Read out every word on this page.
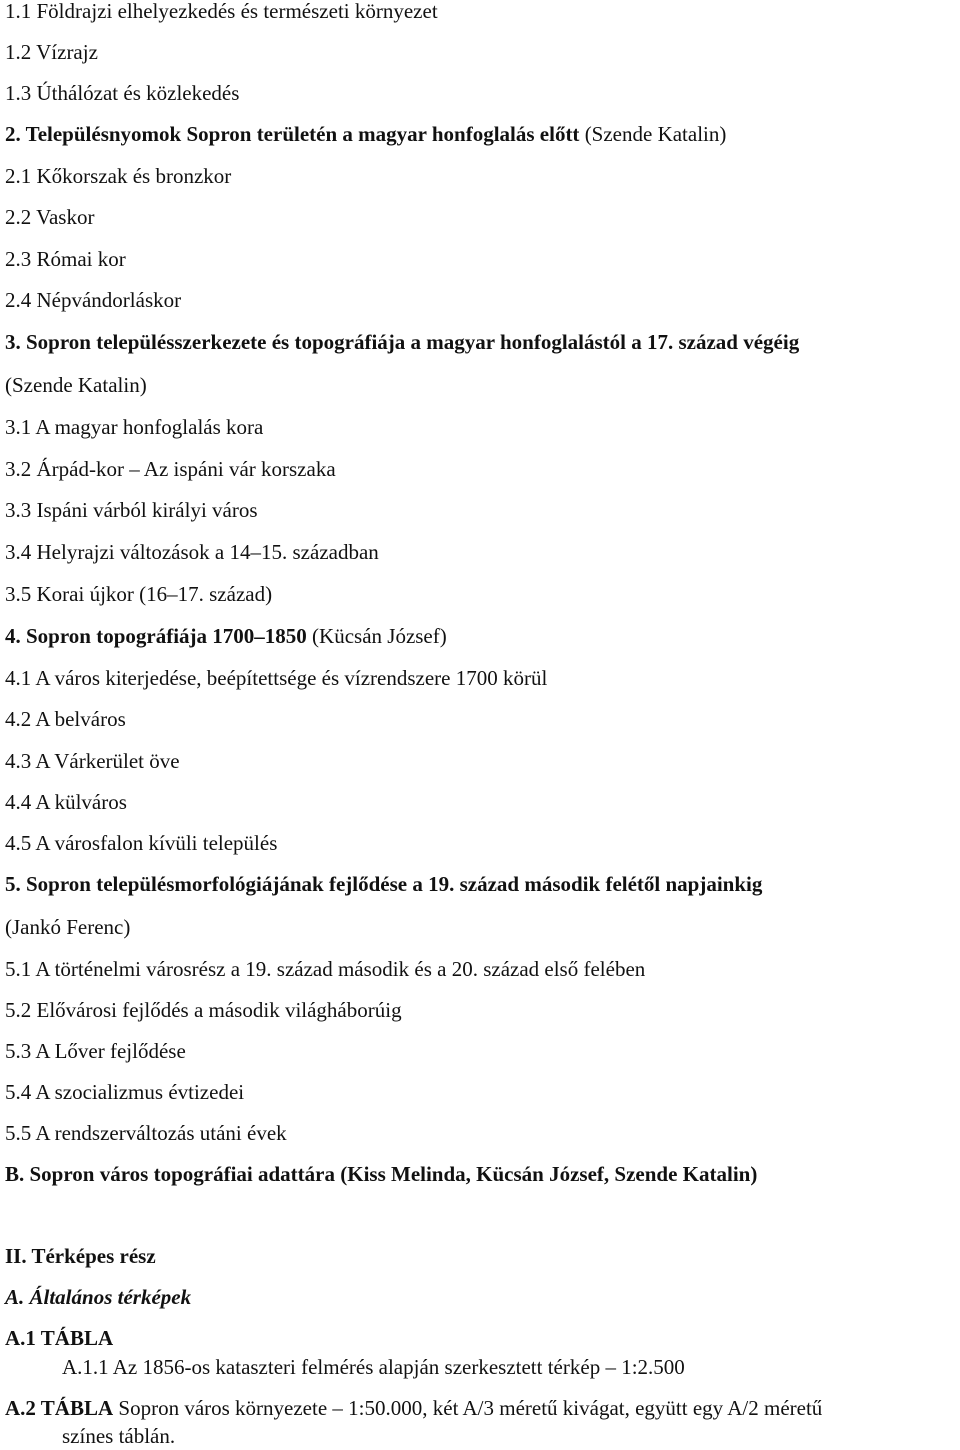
1.1 Földrajzi elhelyezkedés és természeti környezet
1.2 Vízrajz
1.3 Úthálózat és közlekedés
2. Településnyomok Sopron területén a magyar honfoglalás előtt (Szende Katalin)
2.1 Kőkorszak és bronzkor
2.2 Vaskor
2.3 Római kor
2.4 Népvándorláskor
3. Sopron településszerkezete és topográfiája a magyar honfoglalástól a 17. század végéig
(Szende Katalin)
3.1 A magyar honfoglalás kora
3.2 Árpád-kor – Az ispáni vár korszaka
3.3 Ispáni várból királyi város
3.4 Helyrajzi változások a 14–15. században
3.5 Korai újkor (16–17. század)
4. Sopron topográfiája 1700–1850 (Kücsán József)
4.1 A város kiterjedése, beépítettsége és vízrendszere 1700 körül
4.2 A belváros
4.3 A Várkerület öve
4.4 A külváros
4.5 A városfalon kívüli település
5. Sopron településmorfológiájának fejlődése a 19. század második felétől napjainkig
(Jankó Ferenc)
5.1 A történelmi városrész a 19. század második és a 20. század első felében
5.2 Elővárosi fejlődés a második világháborúig
5.3 A Lőver fejlődése
5.4 A szocializmus évtizedei
5.5 A rendszerváltozás utáni évek
B. Sopron város topográfiai adattára (Kiss Melinda, Kücsán József, Szende Katalin)
II. Térképes rész
A. Általános térképek
A.1 TÁBLA
A.1.1 Az 1856-os kataszteri felmérés alapján szerkesztett térkép – 1:2.500
A.2 TÁBLA Sopron város környezete – 1:50.000, két A/3 méretű kivágat, együtt egy A/2 méretű
színes táblán.
